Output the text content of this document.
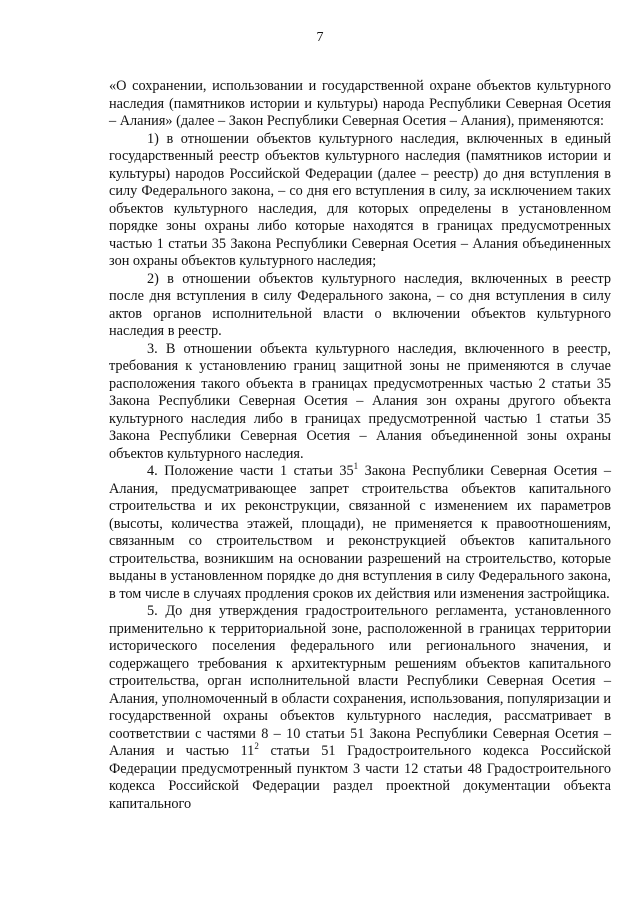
7

«О сохранении, использовании и государственной охране объектов культурного наследия (памятников истории и культуры) народа Республики Северная Осетия – Алания» (далее – Закон Республики Северная Осетия – Алания), применяются:

1) в отношении объектов культурного наследия, включенных в единый государственный реестр объектов культурного наследия (памятников истории и культуры) народов Российской Федерации (далее – реестр) до дня вступления в силу Федерального закона, – со дня его вступления в силу, за исключением таких объектов культурного наследия, для которых определены в установленном порядке зоны охраны либо которые находятся в границах предусмотренных частью 1 статьи 35 Закона Республики Северная Осетия – Алания объединенных зон охраны объектов культурного наследия;

2) в отношении объектов культурного наследия, включенных в реестр после дня вступления в силу Федерального закона, – со дня вступления в силу актов органов исполнительной власти о включении объектов культурного наследия в реестр.

3. В отношении объекта культурного наследия, включенного в реестр, требования к установлению границ защитной зоны не применяются в случае расположения такого объекта в границах предусмотренных частью 2 статьи 35 Закона Республики Северная Осетия – Алания зон охраны другого объекта культурного наследия либо в границах предусмотренной частью 1 статьи 35 Закона Республики Северная Осетия – Алания объединенной зоны охраны объектов культурного наследия.

4. Положение части 1 статьи $35^1$ Закона Республики Северная Осетия – Алания, предусматривающее запрет строительства объектов капитального строительства и их реконструкции, связанной с изменением их параметров (высоты, количества этажей, площади), не применяется к правоотношениям, связанным со строительством и реконструкцией объектов капитального строительства, возникшим на основании разрешений на строительство, которые выданы в установленном порядке до дня вступления в силу Федерального закона, в том числе в случаях продления сроков их действия или изменения застройщика.

5. До дня утверждения градостроительного регламента, установленного применительно к территориальной зоне, расположенной в границах территории исторического поселения федерального или регионального значения, и содержащего требования к архитектурным решениям объектов капитального строительства, орган исполнительной власти Республики Северная Осетия – Алания, уполномоченный в области сохранения, использования, популяризации и государственной охраны объектов культурного наследия, рассматривает в соответствии с частями 8 – 10 статьи 51 Закона Республики Северная Осетия – Алания и частью $11^2$ статьи 51 Градостроительного кодекса Российской Федерации предусмотренный пунктом 3 части 12 статьи 48 Градостроительного кодекса Российской Федерации раздел проектной документации объекта капитального
